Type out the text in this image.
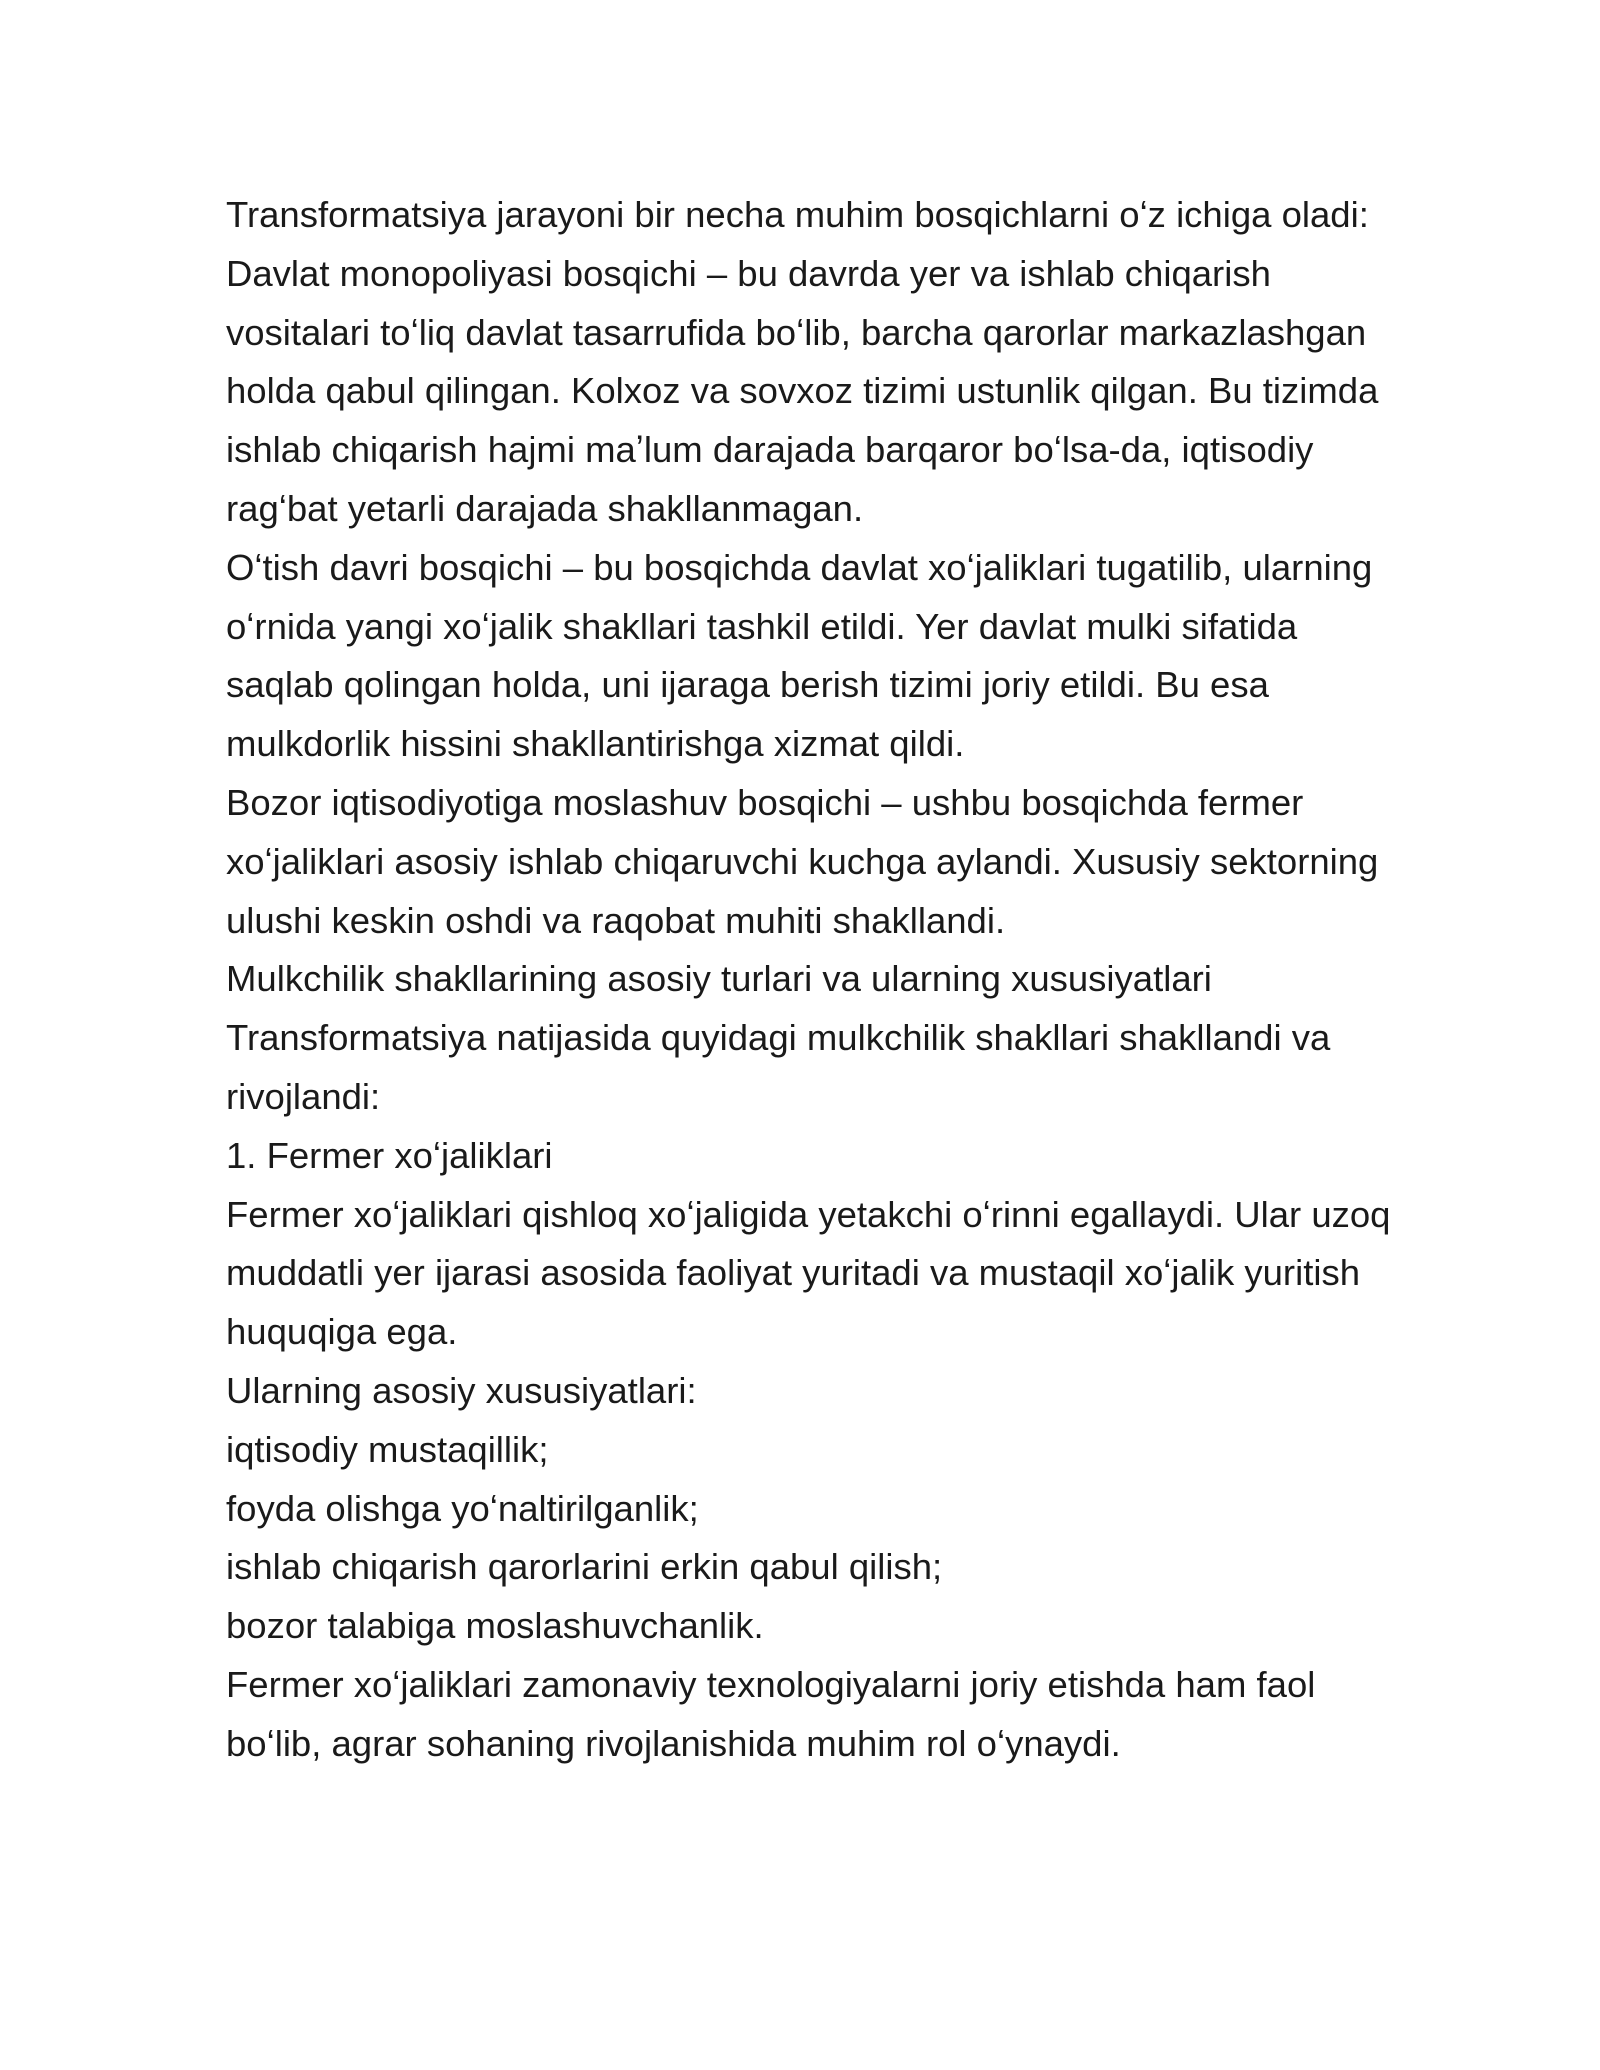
Transformatsiya jarayoni bir necha muhim bosqichlarni oʻz ichiga oladi:

Davlat monopoliyasi bosqichi – bu davrda yer va ishlab chiqarish vositalari toʻliq davlat tasarrufida boʻlib, barcha qarorlar markazlashgan holda qabul qilingan. Kolxoz va sovxoz tizimi ustunlik qilgan. Bu tizimda ishlab chiqarish hajmi maʼlum darajada barqaror boʻlsa-da, iqtisodiy ragʻbat yetarli darajada shakllanmagan.

Oʻtish davri bosqichi – bu bosqichda davlat xoʻjaliklari tugatilib, ularning oʻrnida yangi xoʻjalik shakllari tashkil etildi. Yer davlat mulki sifatida saqlab qolingan holda, uni ijaraga berish tizimi joriy etildi. Bu esa mulkdorlik hissini shakllantirishga xizmat qildi.

Bozor iqtisodiyotiga moslashuv bosqichi – ushbu bosqichda fermer xoʻjaliklari asosiy ishlab chiqaruvchi kuchga aylandi. Xususiy sektorning ulushi keskin oshdi va raqobat muhiti shakllandi.

Mulkchilik shakllarining asosiy turlari va ularning xususiyatlari

Transformatsiya natijasida quyidagi mulkchilik shakllari shakllandi va rivojlandi:

1. Fermer xoʻjaliklari

Fermer xoʻjaliklari qishloq xoʻjaligida yetakchi oʻrinni egallaydi. Ular uzoq muddatli yer ijarasi asosida faoliyat yuritadi va mustaqil xoʻjalik yuritish huquqiga ega.

Ularning asosiy xususiyatlari:

iqtisodiy mustaqillik;

foyda olishga yoʻnaltirilganlik;

ishlab chiqarish qarorlarini erkin qabul qilish;

bozor talabiga moslashuvchanlik.

Fermer xoʻjaliklari zamonaviy texnologiyalarni joriy etishda ham faol boʻlib, agrar sohaning rivojlanishida muhim rol oʻynaydi.
